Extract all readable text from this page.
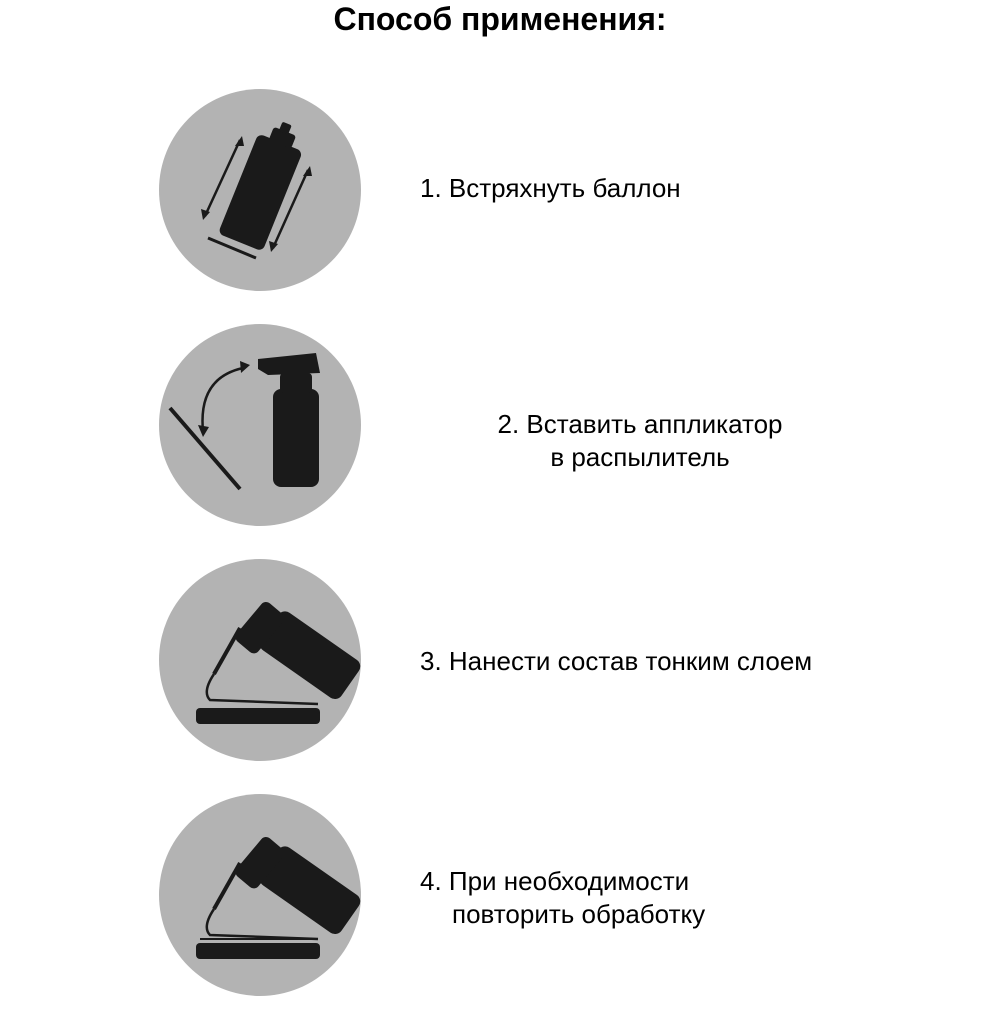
Способ применения:
1. Встряхнуть баллон
2. Вставить аппликатор
в распылитель
3. Нанести состав тонким слоем
4. При необходимости
повторить обработку
